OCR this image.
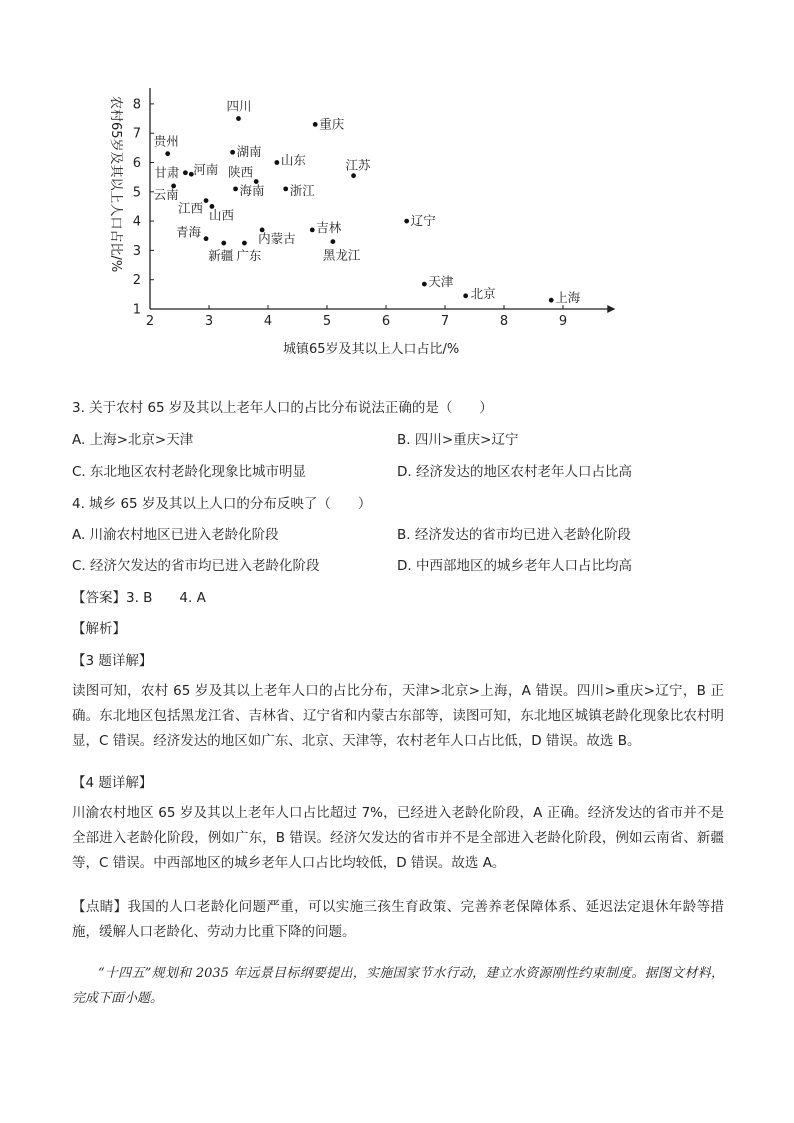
2	3	4	5	6	7	8	9
1
2
3
4
5
6
7
8	四川
重庆
贵州
湖南
山东
甘肃 河南 陕西	江苏
云南	海南 浙江
江西 山西	辽宁
吉林
青海	内蒙古
新疆 广东	黑龙江
天津
北京	上海
农村65岁及其以上人口占比/%
城镇65岁及其以上人口占比/%
3. 关于农村 65 岁及其以上老年人口的占比分布说法正确的是（　　）
A. 上海>北京>天津	B. 四川>重庆>辽宁
C. 东北地区农村老龄化现象比城市明显	D. 经济发达的地区农村老年人口占比高
4. 城乡 65 岁及其以上人口的分布反映了（　　）
A. 川渝农村地区已进入老龄化阶段	B. 经济发达的省市均已进入老龄化阶段
C. 经济欠发达的省市均已进入老龄化阶段	D. 中西部地区的城乡老年人口占比均高
【答案】3. B　　4. A
【解析】
【3 题详解】
读图可知，农村 65 岁及其以上老年人口的占比分布，天津>北京>上海，A 错误。四川>重庆>辽宁，B 正确。东北地区包括黑龙江省、吉林省、辽宁省和内蒙古东部等，读图可知，东北地区城镇老龄化现象比农村明显，C 错误。经济发达的地区如广东、北京、天津等，农村老年人口占比低，D 错误。故选 B。
【4 题详解】
川渝农村地区 65 岁及其以上老年人口占比超过 7%，已经进入老龄化阶段，A 正确。经济发达的省市并不是全部进入老龄化阶段，例如广东，B 错误。经济欠发达的省市并不是全部进入老龄化阶段，例如云南省、新疆等，C 错误。中西部地区的城乡老年人口占比均较低，D 错误。故选 A。
【点睛】我国的人口老龄化问题严重，可以实施三孩生育政策、完善养老保障体系、延迟法定退休年龄等措施，缓解人口老龄化、劳动力比重下降的问题。
“十四五”规划和 2035 年远景目标纲要提出，实施国家节水行动，建立水资源刚性约束制度。据图文材料，完成下面小题。
